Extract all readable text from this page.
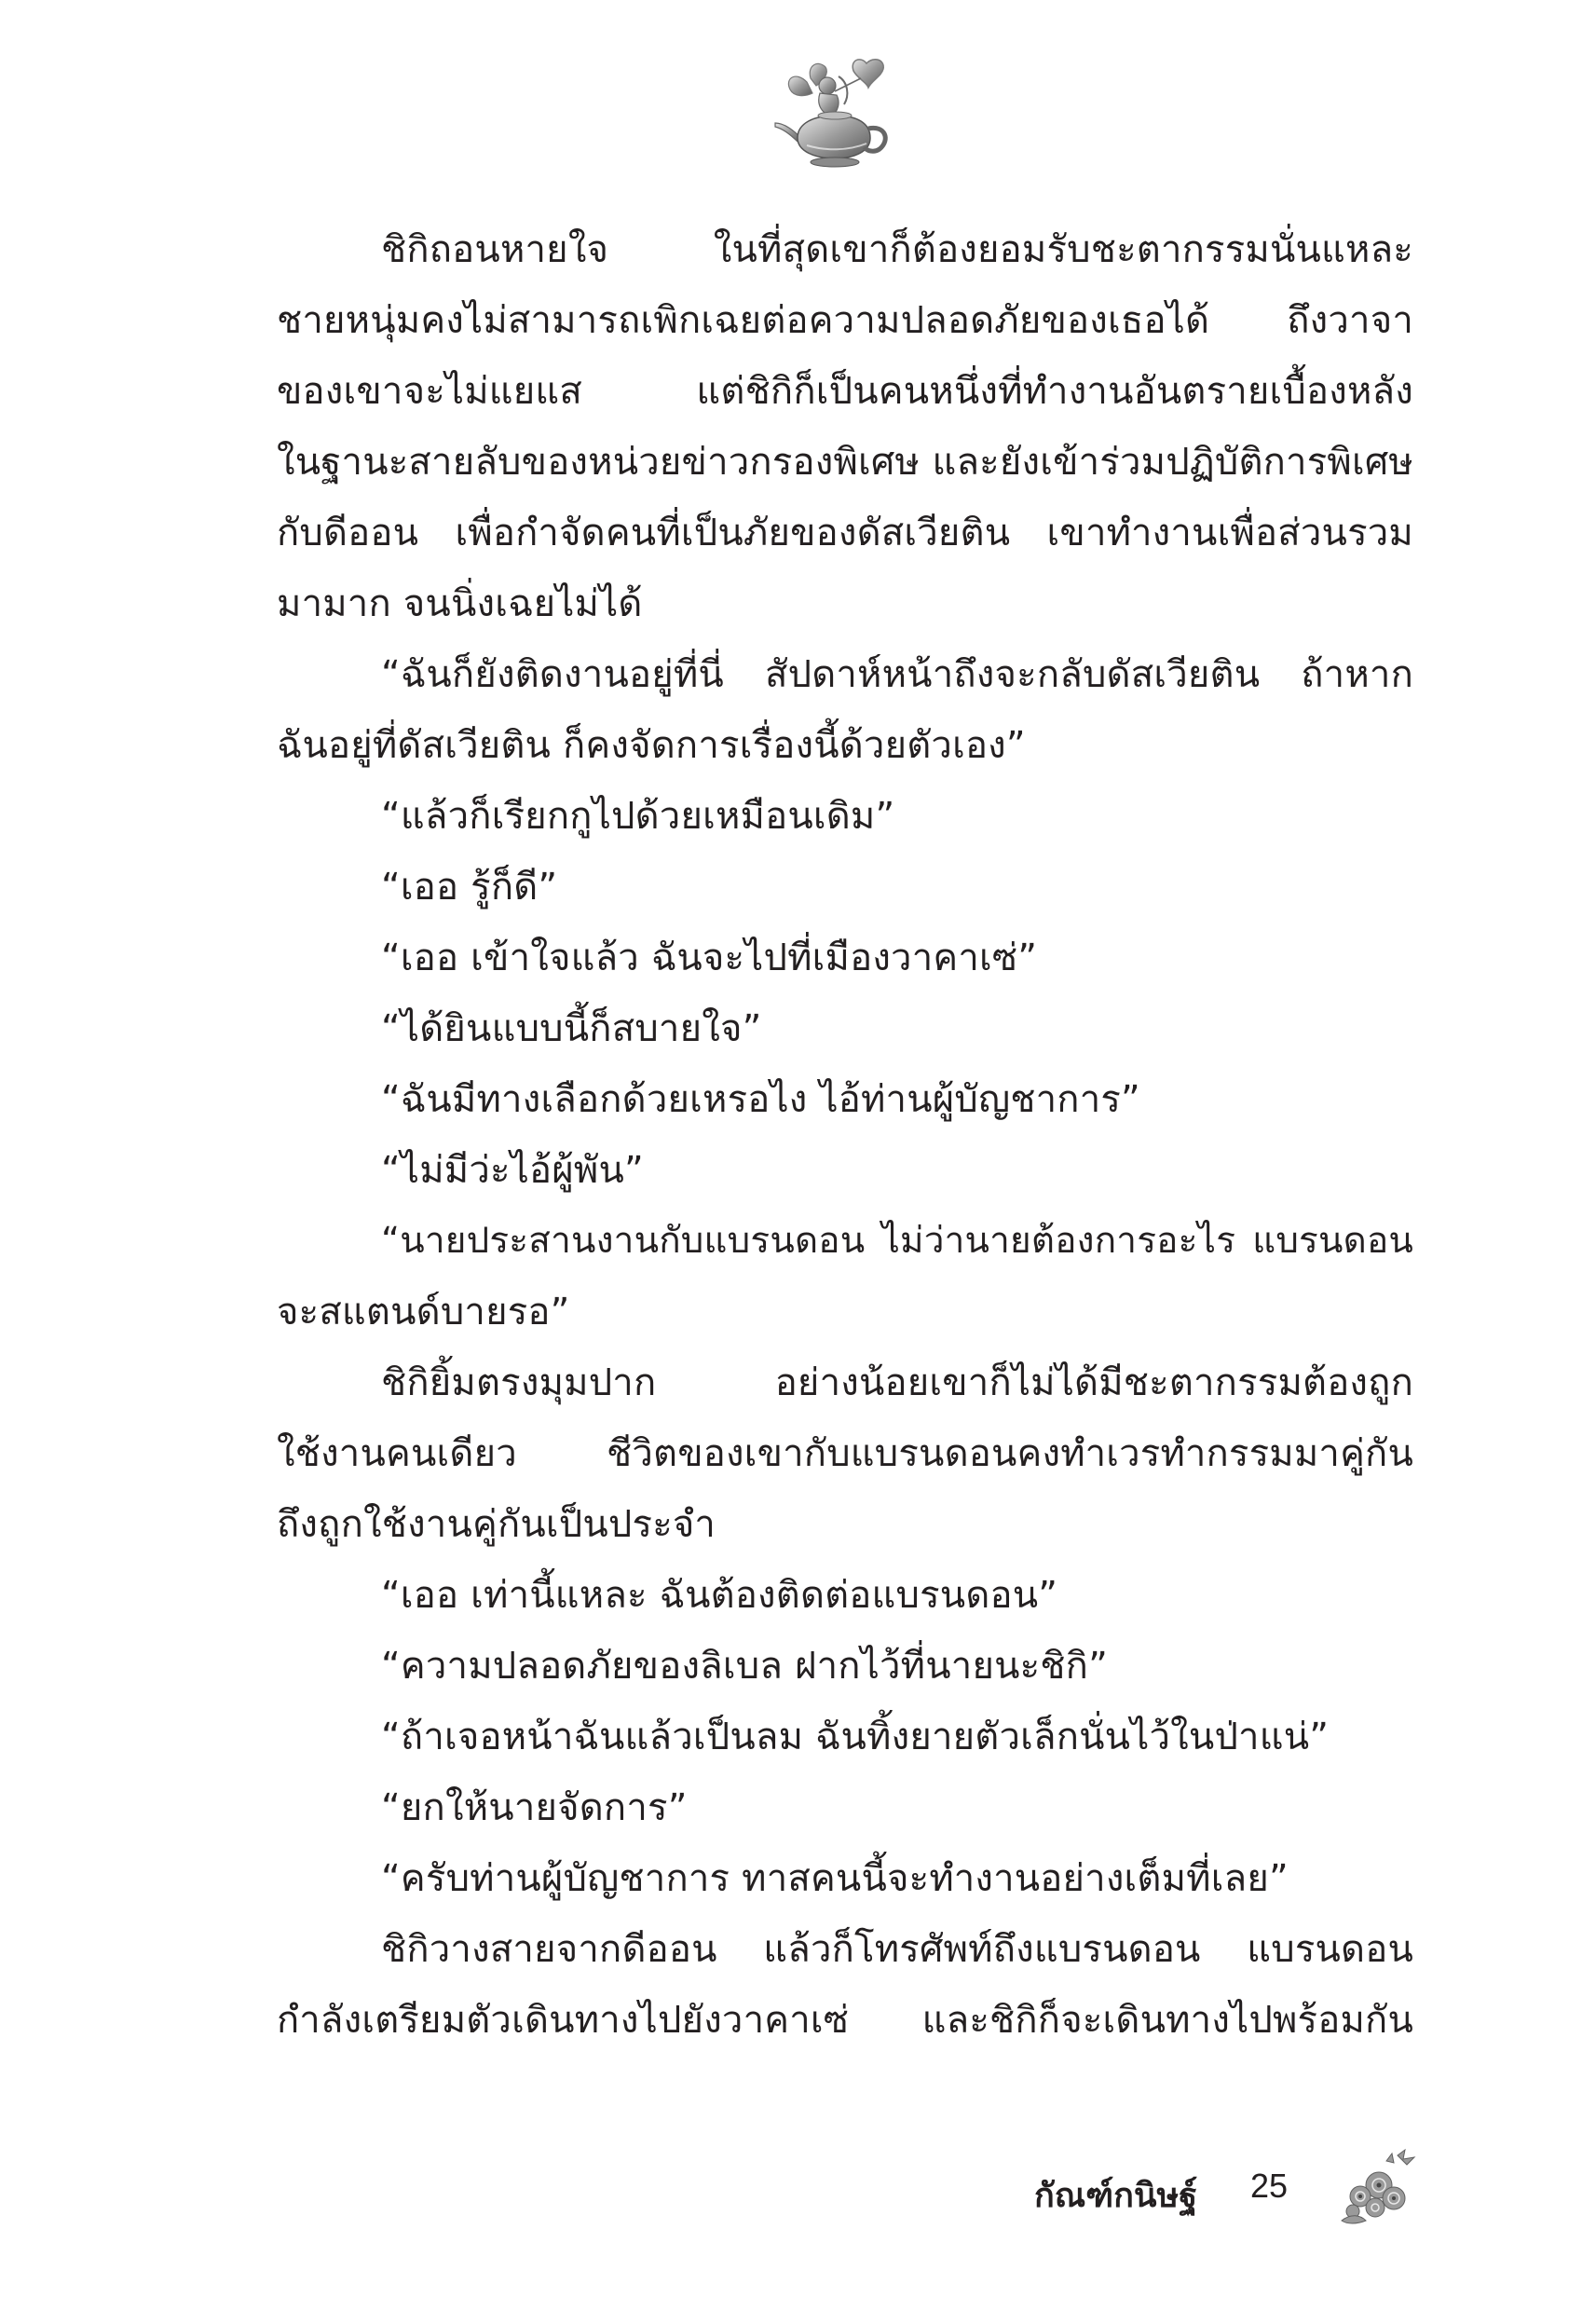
ชิกิถอนหายใจ ในที่สุดเขาก็ต้องยอมรับชะตากรรมนั่นแหละ
ชายหนุ่มคงไม่สามารถเพิกเฉยต่อความปลอดภัยของเธอได้ ถึงวาจา
ของเขาจะไม่แยแส แต่ชิกิก็เป็นคนหนึ่งที่ทำงานอันตรายเบื้องหลัง
ในฐานะสายลับของหน่วยข่าวกรองพิเศษ และยังเข้าร่วมปฏิบัติการพิเศษ
กับดีออน เพื่อกำจัดคนที่เป็นภัยของดัสเวียติน เขาทำงานเพื่อส่วนรวม
มามาก จนนิ่งเฉยไม่ได้
“ฉันก็ยังติดงานอยู่ที่นี่ สัปดาห์หน้าถึงจะกลับดัสเวียติน ถ้าหาก
ฉันอยู่ที่ดัสเวียติน ก็คงจัดการเรื่องนี้ด้วยตัวเอง”
“แล้วก็เรียกกูไปด้วยเหมือนเดิม”
“เออ รู้ก็ดี”
“เออ เข้าใจแล้ว ฉันจะไปที่เมืองวาคาเซ่”
“ได้ยินแบบนี้ก็สบายใจ”
“ฉันมีทางเลือกด้วยเหรอไง ไอ้ท่านผู้บัญชาการ”
“ไม่มีว่ะไอ้ผู้พัน”
“นายประสานงานกับแบรนดอน ไม่ว่านายต้องการอะไร แบรนดอน
จะสแตนด์บายรอ”
ชิกิยิ้มตรงมุมปาก อย่างน้อยเขาก็ไม่ได้มีชะตากรรมต้องถูก
ใช้งานคนเดียว ชีวิตของเขากับแบรนดอนคงทำเวรทำกรรมมาคู่กัน
ถึงถูกใช้งานคู่กันเป็นประจำ
“เออ เท่านี้แหละ ฉันต้องติดต่อแบรนดอน”
“ความปลอดภัยของลิเบล ฝากไว้ที่นายนะชิกิ”
“ถ้าเจอหน้าฉันแล้วเป็นลม ฉันทิ้งยายตัวเล็กนั่นไว้ในป่าแน่”
“ยกให้นายจัดการ”
“ครับท่านผู้บัญชาการ ทาสคนนี้จะทำงานอย่างเต็มที่เลย”
ชิกิวางสายจากดีออน แล้วก็โทรศัพท์ถึงแบรนดอน แบรนดอน
กำลังเตรียมตัวเดินทางไปยังวาคาเซ่ และชิกิก็จะเดินทางไปพร้อมกัน
กัณฑ์กนิษฐ์ 25
